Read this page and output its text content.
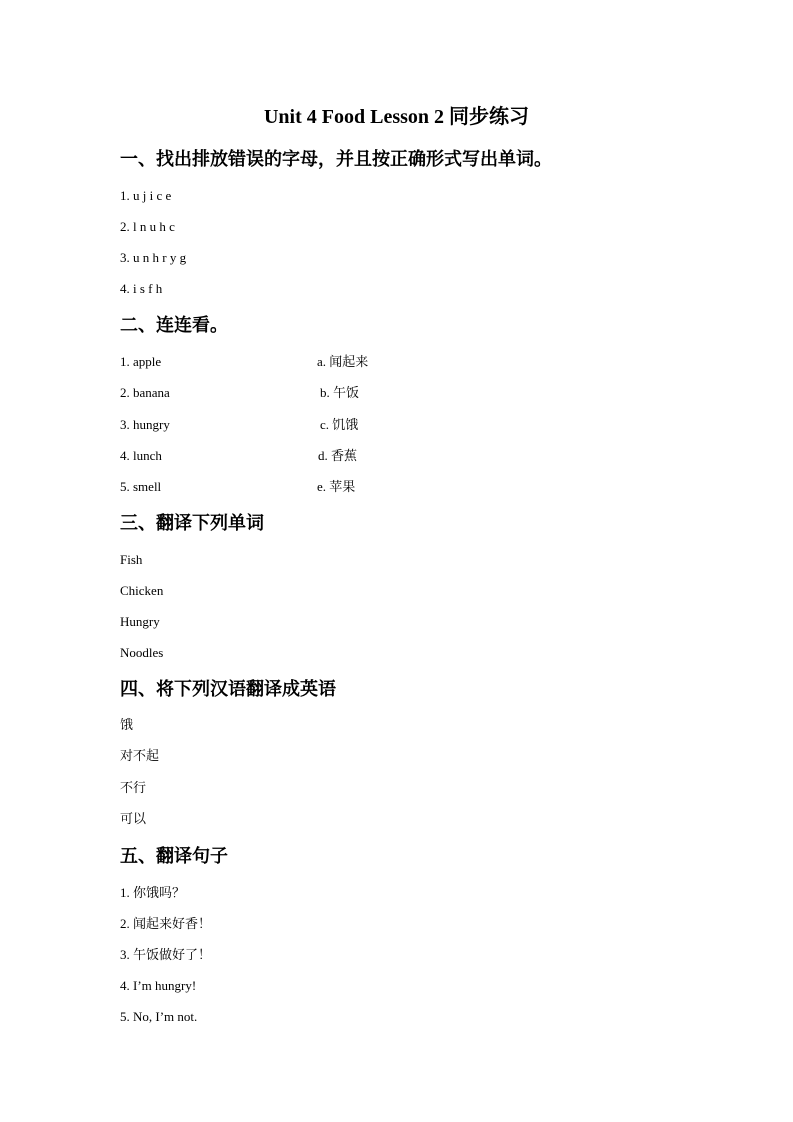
Unit 4 Food Lesson 2 同步练习
一、找出排放错误的字母，并且按正确形式写出单词。
1. u j i c e
2. l n u h c
3. u n h r y g
4. i s f h
二、连连看。
1. apple	a. 闻起来
2. banana	b. 午饭
3. hungry	c. 饥饿
4. lunch	d. 香蕉
5. smell	e. 苹果
三、翻译下列单词
Fish
Chicken
Hungry
Noodles
四、将下列汉语翻译成英语
饿
对不起
不行
可以
五、翻译句子
1. 你饿吗？
2. 闻起来好香！
3. 午饭做好了！
4. I’m hungry!
5. No, I’m not.
